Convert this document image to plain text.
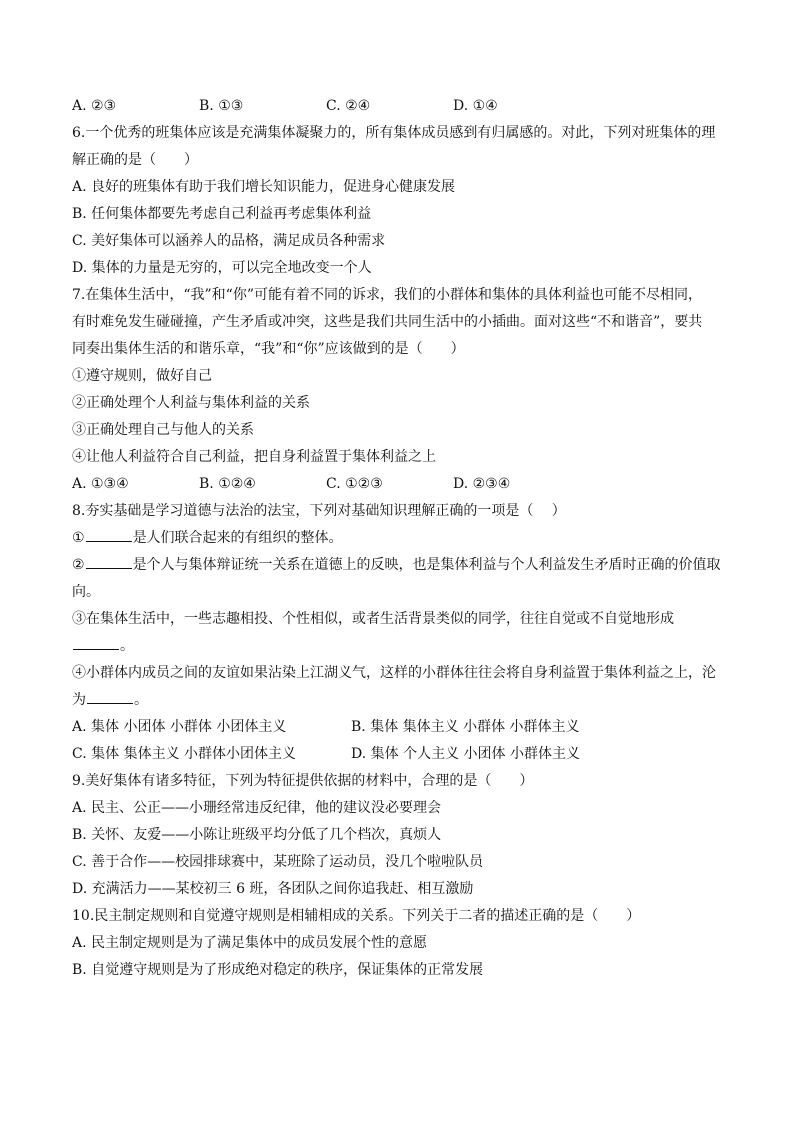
A. ②③	B. ①③	C. ②④	D. ①④
6.一个优秀的班集体应该是充满集体凝聚力的，所有集体成员感到有归属感的。对此，下列对班集体的理
解正确的是（　　）
A. 良好的班集体有助于我们增长知识能力，促进身心健康发展
B. 任何集体都要先考虑自己利益再考虑集体利益
C. 美好集体可以涵养人的品格，满足成员各种需求
D. 集体的力量是无穷的，可以完全地改变一个人
7.在集体生活中，“我”和“你”可能有着不同的诉求，我们的小群体和集体的具体利益也可能不尽相同，
有时难免发生碰碰撞，产生矛盾或冲突，这些是我们共同生活中的小插曲。面对这些“不和谐音”，要共
同奏出集体生活的和谐乐章，“我”和“你”应该做到的是（　　）
①遵守规则，做好自己
②正确处理个人利益与集体利益的关系
③正确处理自己与他人的关系
④让他人利益符合自己利益，把自身利益置于集体利益之上
A. ①③④	B. ①②④	C. ①②③	D. ②③④
8.夯实基础是学习道德与法治的法宝，下列对基础知识理解正确的一项是（　 ）
①	是人们联合起来的有组织的整体。
②	是个人与集体辩证统一关系在道德上的反映，也是集体利益与个人利益发生矛盾时正确的价值取
向。
③在集体生活中，一些志趣相投、个性相似，或者生活背景类似的同学，往往自觉或不自觉地形成
。
④小群体内成员之间的友谊如果沾染上江湖义气，这样的小群体往往会将自身利益置于集体利益之上，沦
为	。
A. 集体 小团体 小群体 小团体主义	B. 集体 集体主义 小群体 小群体主义
C. 集体 集体主义 小群体小团体主义	D. 集体 个人主义 小团体 小群体主义
9.美好集体有诸多特征，下列为特征提供依据的材料中，合理的是（　　）
A. 民主、公正——小珊经常违反纪律，他的建议没必要理会
B. 关怀、友爱——小陈让班级平均分低了几个档次，真烦人
C. 善于合作——校园排球赛中，某班除了运动员，没几个啦啦队员
D. 充满活力——某校初三 6 班，各团队之间你追我赶、相互激励
10.民主制定规则和自觉遵守规则是相辅相成的关系。下列关于二者的描述正确的是（　　）
A. 民主制定规则是为了满足集体中的成员发展个性的意愿
B. 自觉遵守规则是为了形成绝对稳定的秩序，保证集体的正常发展
